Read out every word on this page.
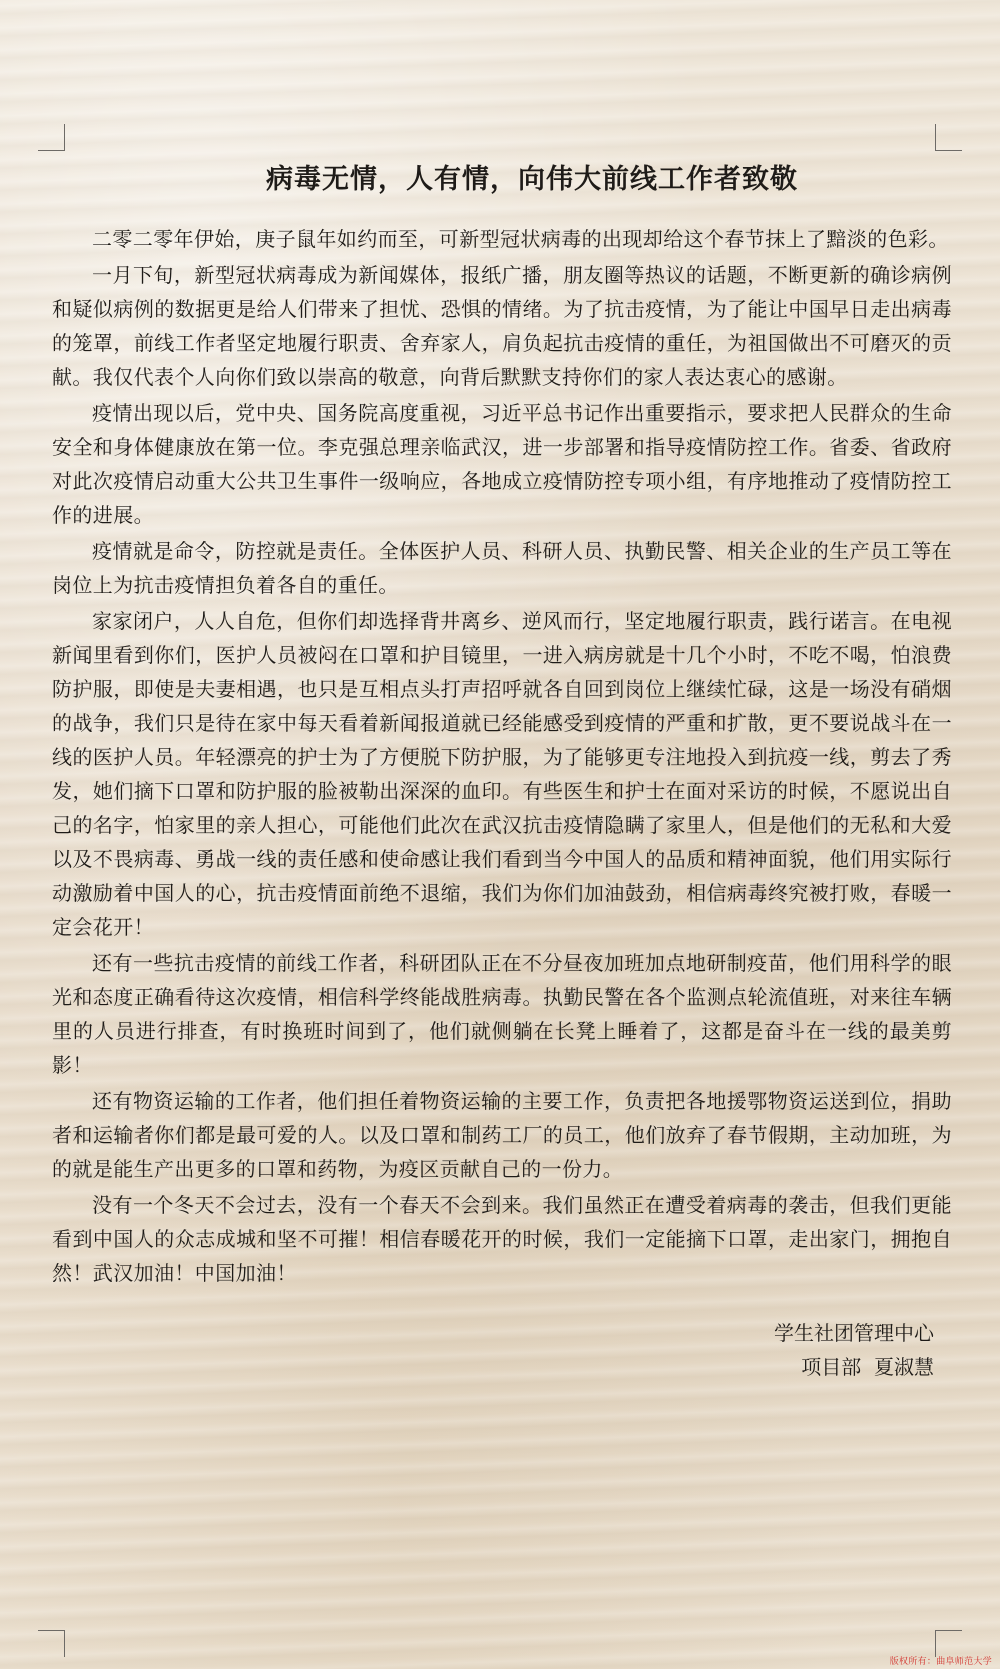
病毒无情，人有情，向伟大前线工作者致敬

二零二零年伊始，庚子鼠年如约而至，可新型冠状病毒的出现却给这个春节抹上了黯淡的色彩。

一月下旬，新型冠状病毒成为新闻媒体，报纸广播，朋友圈等热议的话题，不断更新的确诊病例和疑似病例的数据更是给人们带来了担忧、恐惧的情绪。为了抗击疫情，为了能让中国早日走出病毒的笼罩，前线工作者坚定地履行职责、舍弃家人，肩负起抗击疫情的重任，为祖国做出不可磨灭的贡献。我仅代表个人向你们致以崇高的敬意，向背后默默支持你们的家人表达衷心的感谢。

疫情出现以后，党中央、国务院高度重视，习近平总书记作出重要指示，要求把人民群众的生命安全和身体健康放在第一位。李克强总理亲临武汉，进一步部署和指导疫情防控工作。省委、省政府对此次疫情启动重大公共卫生事件一级响应，各地成立疫情防控专项小组，有序地推动了疫情防控工作的进展。

疫情就是命令，防控就是责任。全体医护人员、科研人员、执勤民警、相关企业的生产员工等在岗位上为抗击疫情担负着各自的重任。

家家闭户，人人自危，但你们却选择背井离乡、逆风而行，坚定地履行职责，践行诺言。在电视新闻里看到你们，医护人员被闷在口罩和护目镜里，一进入病房就是十几个小时，不吃不喝，怕浪费防护服，即使是夫妻相遇，也只是互相点头打声招呼就各自回到岗位上继续忙碌，这是一场没有硝烟的战争，我们只是待在家中每天看着新闻报道就已经能感受到疫情的严重和扩散，更不要说战斗在一线的医护人员。年轻漂亮的护士为了方便脱下防护服，为了能够更专注地投入到抗疫一线，剪去了秀发，她们摘下口罩和防护服的脸被勒出深深的血印。有些医生和护士在面对采访的时候，不愿说出自己的名字，怕家里的亲人担心，可能他们此次在武汉抗击疫情隐瞒了家里人，但是他们的无私和大爱以及不畏病毒、勇战一线的责任感和使命感让我们看到当今中国人的品质和精神面貌，他们用实际行动激励着中国人的心，抗击疫情面前绝不退缩，我们为你们加油鼓劲，相信病毒终究被打败，春暖一定会花开！

还有一些抗击疫情的前线工作者，科研团队正在不分昼夜加班加点地研制疫苗，他们用科学的眼光和态度正确看待这次疫情，相信科学终能战胜病毒。执勤民警在各个监测点轮流值班，对来往车辆里的人员进行排查，有时换班时间到了，他们就侧躺在长凳上睡着了，这都是奋斗在一线的最美剪影！

还有物资运输的工作者，他们担任着物资运输的主要工作，负责把各地援鄂物资运送到位，捐助者和运输者你们都是最可爱的人。以及口罩和制药工厂的员工，他们放弃了春节假期，主动加班，为的就是能生产出更多的口罩和药物，为疫区贡献自己的一份力。

没有一个冬天不会过去，没有一个春天不会到来。我们虽然正在遭受着病毒的袭击，但我们更能看到中国人的众志成城和坚不可摧！相信春暖花开的时候，我们一定能摘下口罩，走出家门，拥抱自然！武汉加油！中国加油！

学生社团管理中心
项目部  夏淑慧
版权所有：曲阜师范大学
